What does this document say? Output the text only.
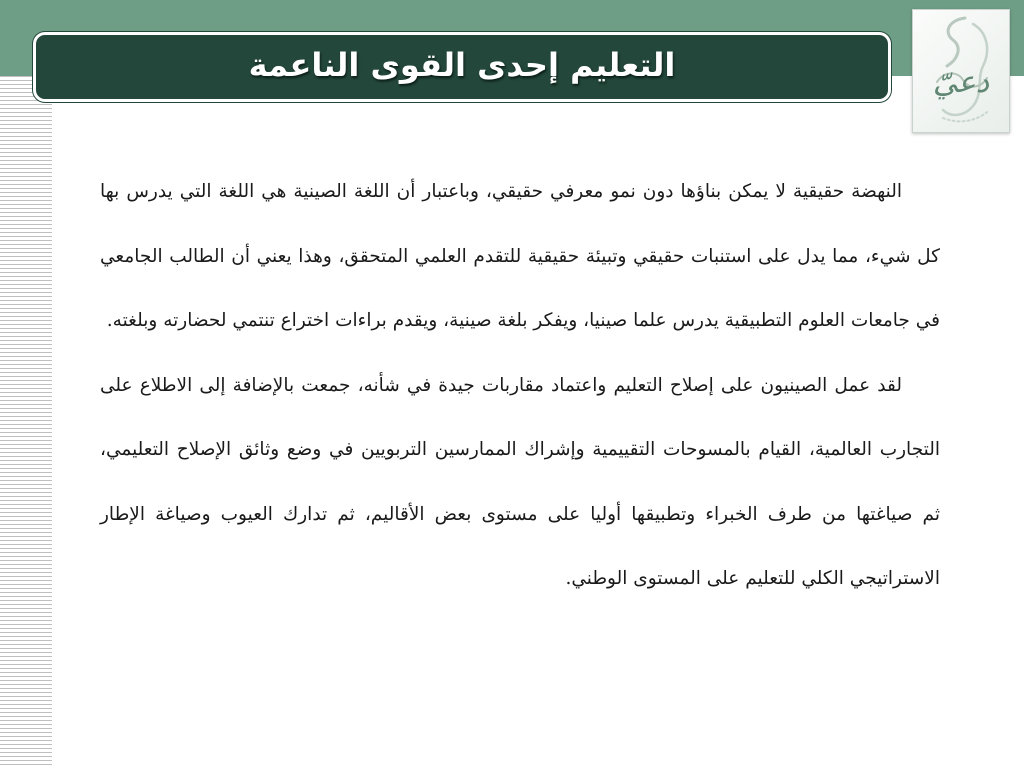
التعليم إحدى القوى الناعمة	دعيّ

النهضة حقيقية لا يمكن بناؤها دون نمو معرفي حقيقي، وباعتبار أن اللغة الصينية هي اللغة التي يدرس بها كل شيء، مما يدل على استنبات حقيقي وتبيئة حقيقية للتقدم العلمي المتحقق، وهذا يعني أن الطالب الجامعي في جامعات العلوم التطبيقية يدرس علما صينيا، ويفكر بلغة صينية، ويقدم براءات اختراع تنتمي لحضارته وبلغته.

لقد عمل الصينيون على إصلاح التعليم واعتماد مقاربات جيدة في شأنه، جمعت بالإضافة إلى الاطلاع على التجارب العالمية، القيام بالمسوحات التقييمية وإشراك الممارسين التربويين في وضع وثائق الإصلاح التعليمي، ثم صياغتها من طرف الخبراء وتطبيقها أوليا على مستوى بعض الأقاليم، ثم تدارك العيوب وصياغة الإطار الاستراتيجي الكلي للتعليم على المستوى الوطني.
